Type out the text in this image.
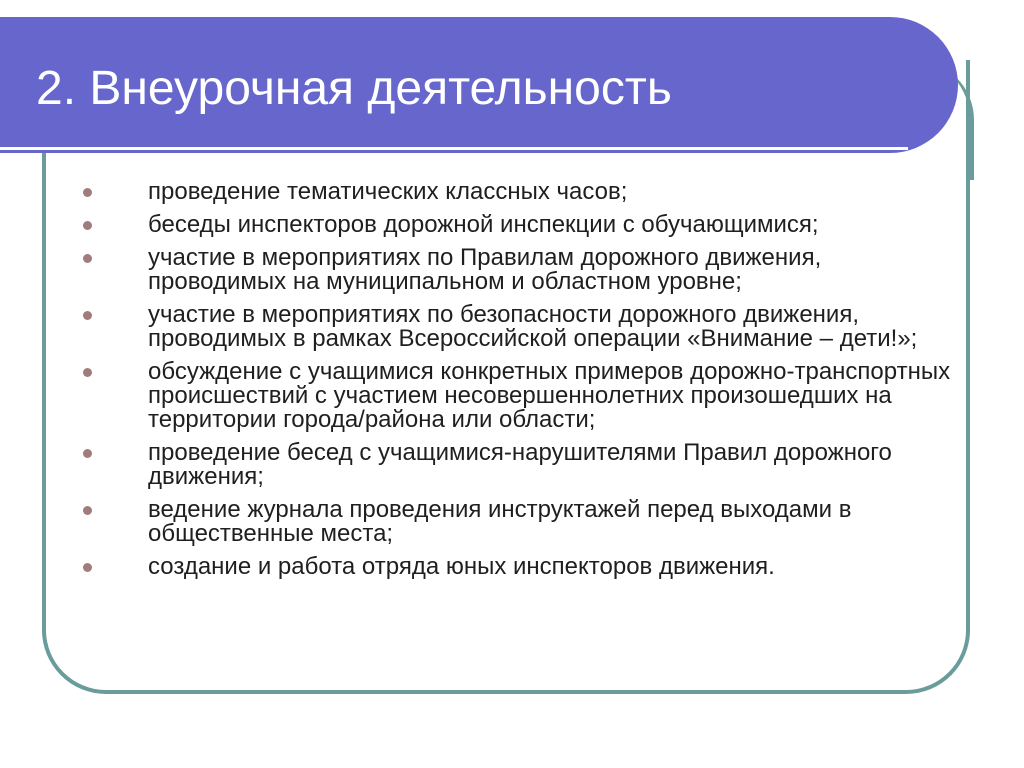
2. Внеурочная деятельность
проведение тематических классных часов;
беседы инспекторов дорожной инспекции с обучающимися;
участие в мероприятиях по Правилам дорожного движения, проводимых на муниципальном и областном уровне;
участие в мероприятиях по безопасности дорожного движения, проводимых в рамках Всероссийской операции «Внимание – дети!»;
обсуждение с учащимися конкретных примеров дорожно-транспортных происшествий с участием несовершеннолетних произошедших на территории города/района или области;
проведение бесед с учащимися-нарушителями Правил дорожного движения;
ведение журнала проведения инструктажей перед выходами в общественные места;
создание и работа отряда юных инспекторов движения.
